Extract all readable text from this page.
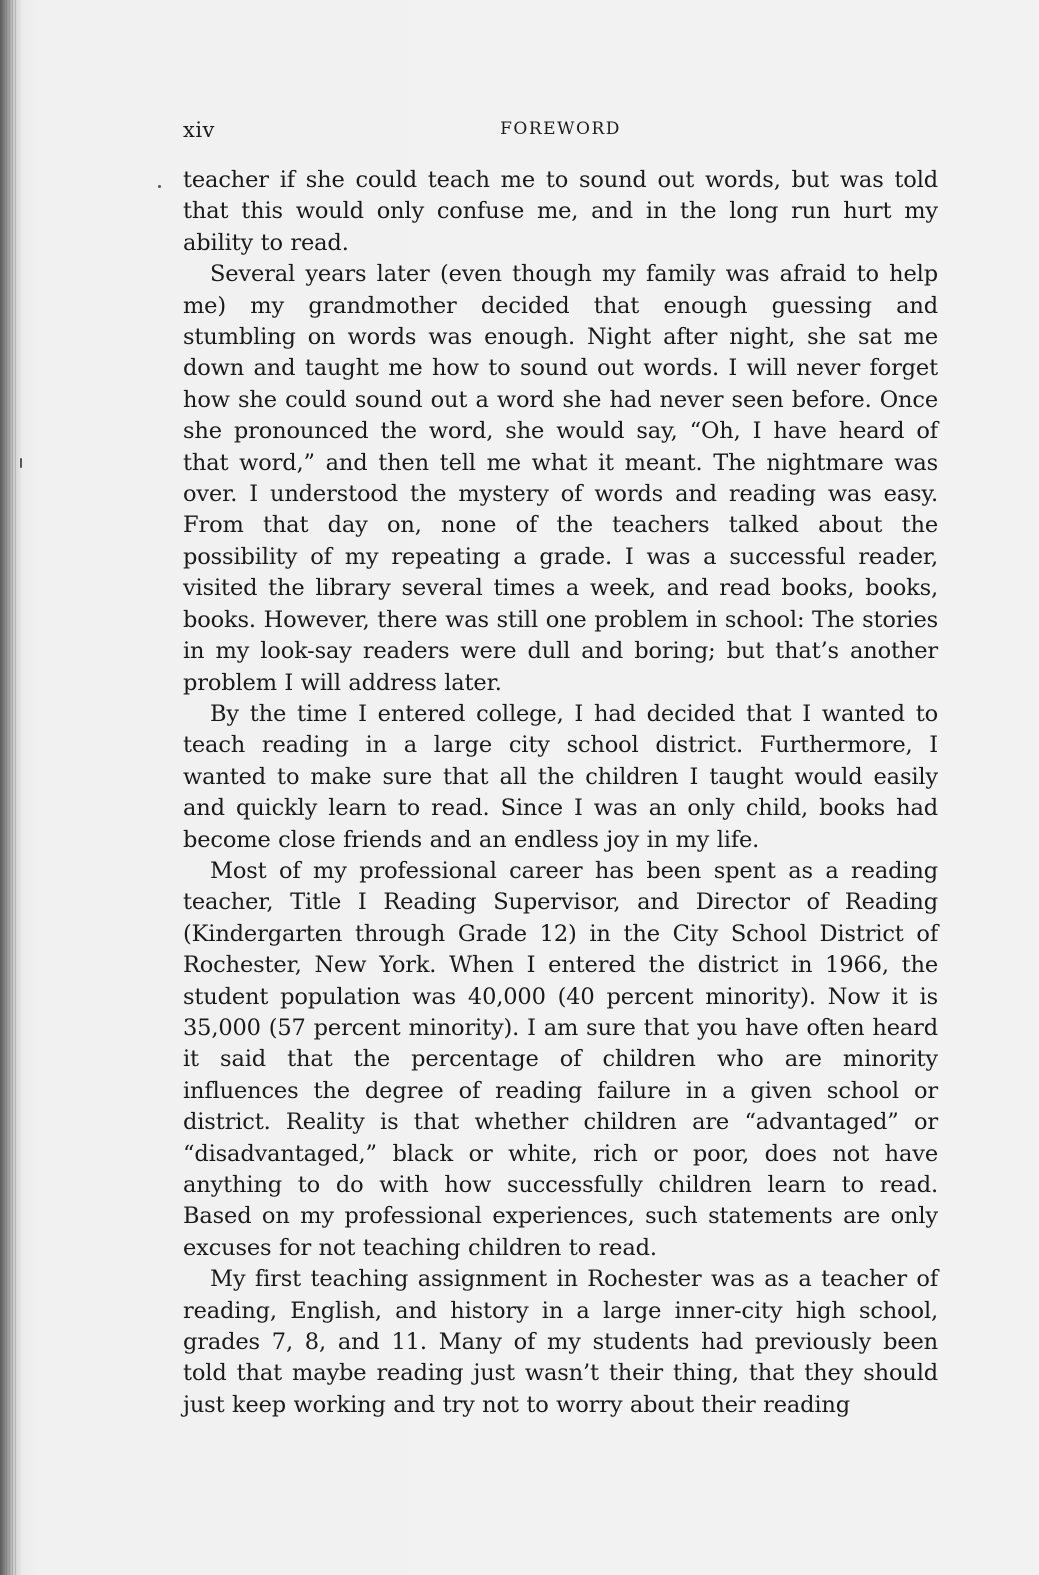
xiv	FOREWORD

teacher if she could teach me to sound out words, but was told that this would only confuse me, and in the long run hurt my ability to read.

Several years later (even though my family was afraid to help me) my grandmother decided that enough guessing and stumbling on words was enough. Night after night, she sat me down and taught me how to sound out words. I will never forget how she could sound out a word she had never seen before. Once she pronounced the word, she would say, “Oh, I have heard of that word,” and then tell me what it meant. The nightmare was over. I understood the mystery of words and reading was easy. From that day on, none of the teachers talked about the possibility of my repeating a grade. I was a successful reader, visited the library several times a week, and read books, books, books. However, there was still one problem in school: The stories in my look-say readers were dull and boring; but that’s another problem I will address later.

By the time I entered college, I had decided that I wanted to teach reading in a large city school district. Furthermore, I wanted to make sure that all the children I taught would easily and quickly learn to read. Since I was an only child, books had become close friends and an endless joy in my life.

Most of my professional career has been spent as a reading teacher, Title I Reading Supervisor, and Director of Reading (Kindergarten through Grade 12) in the City School District of Rochester, New York. When I entered the district in 1966, the student population was 40,000 (40 percent minority). Now it is 35,000 (57 percent minority). I am sure that you have often heard it said that the percentage of children who are minority influences the degree of reading failure in a given school or district. Reality is that whether children are “advantaged” or “disadvantaged,” black or white, rich or poor, does not have anything to do with how successfully children learn to read. Based on my professional experiences, such statements are only excuses for not teaching children to read.

My first teaching assignment in Rochester was as a teacher of reading, English, and history in a large inner-city high school, grades 7, 8, and 11. Many of my students had previously been told that maybe reading just wasn’t their thing, that they should just keep working and try not to worry about their reading
